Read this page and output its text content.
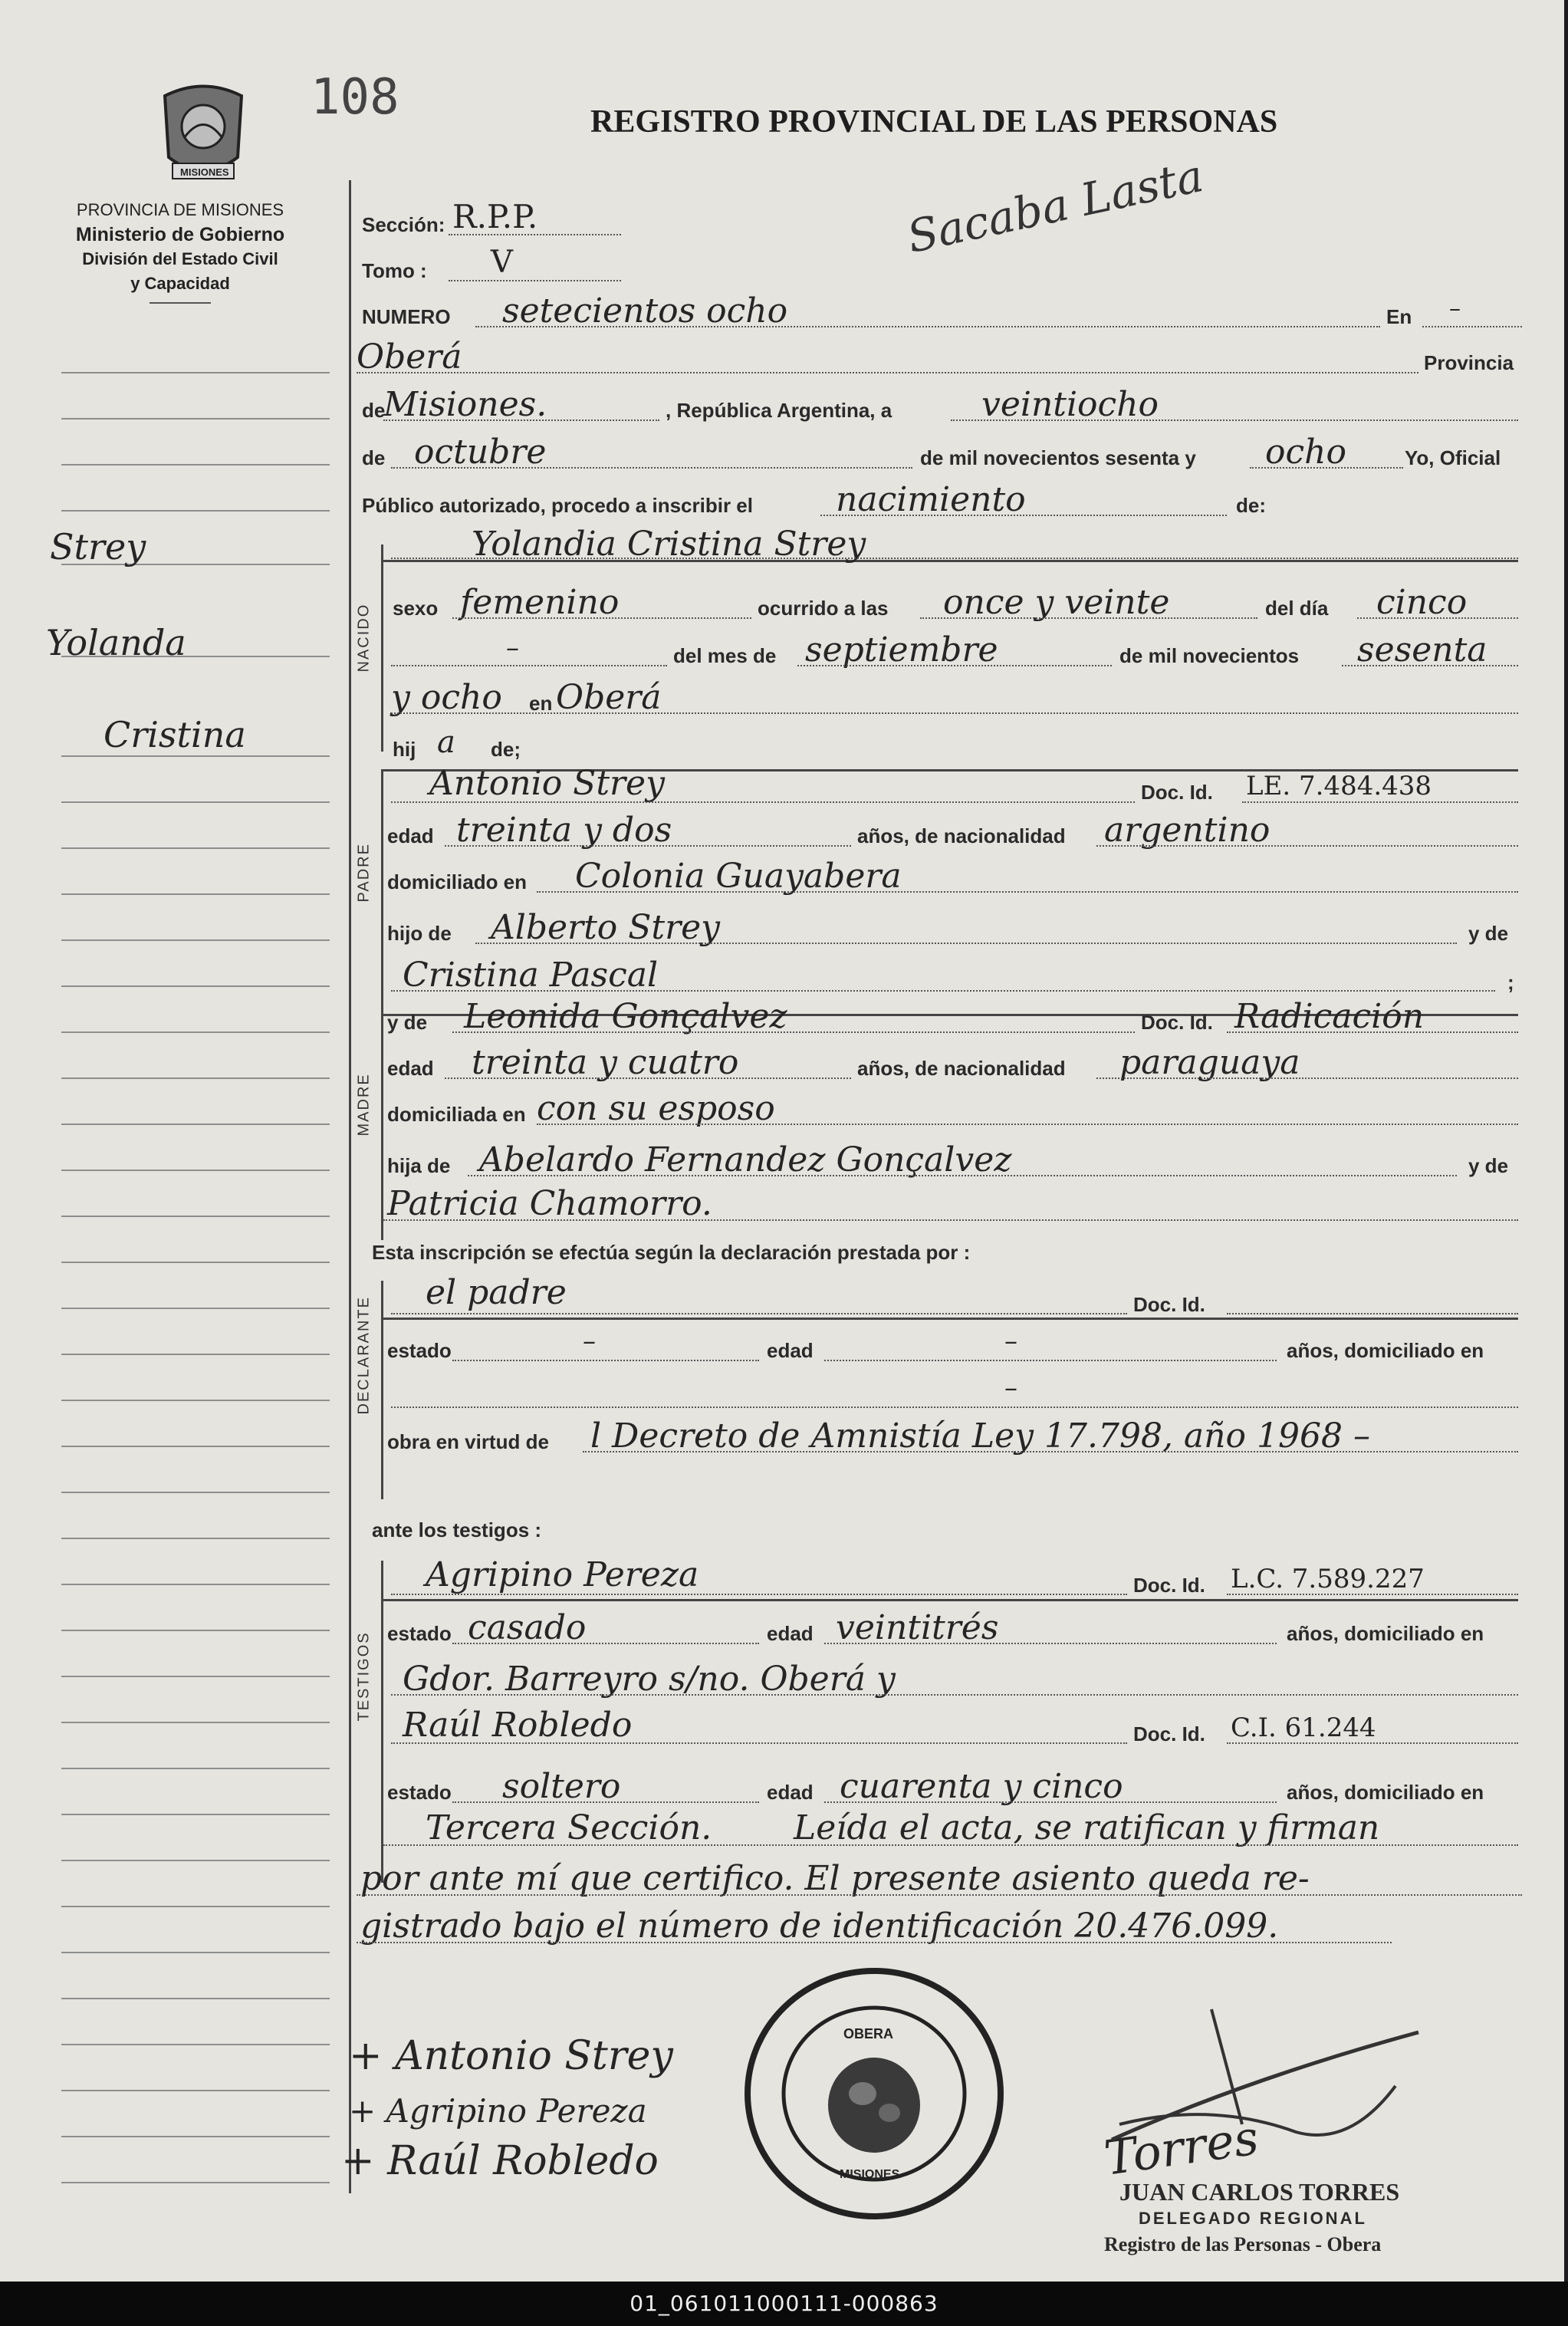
MISIONES
108	REGISTRO PROVINCIAL DE LAS PERSONAS
Sacaba Lasta
PROVINCIA DE MISIONES
Ministerio de Gobierno
División del Estado Civil
y Capacidad
Strey
Yolanda
Cristina
Sección: R.P.P.
Tomo : V
NUMERO setecientos ocho	En –
Oberá	Provincia
de
Misiones.	, República Argentina, a	veintiocho
de octubre	de mil novecientos sesenta y ocho	Yo, Oficial
Público autorizado, procedo a inscribir el nacimiento	de:
NACIDO
Yolandia Cristina Strey
sexo femenino	ocurrido a las once y veinte	del día cinco
–	del mes de septiembre	de mil novecientos sesenta
y ocho en Oberá
hij a de;
PADRE
Antonio Strey	Doc. Id. LE. 7.484.438
edad treinta y dos	años, de nacionalidad argentino
domiciliado en Colonia Guayabera
hijo de Alberto Strey	y de
Cristina Pascal	;
MADRE
y de Leonida Gonçalvez	Doc. Id. Radicación
edad treinta y cuatro	años, de nacionalidad paraguaya
domiciliada en con su esposo
hija de Abelardo Fernandez Gonçalvez	y de
Patricia Chamorro.
Esta inscripción se efectúa según la declaración prestada por :
DECLARANTE
el padre	Doc. Id.
estado	–	edad	–	años, domiciliado en
–
obra en virtud de l Decreto de Amnistía Ley 17.798, año 1968 –
ante los testigos :
TESTIGOS
Agripino Pereza	Doc. Id. L.C. 7.589.227
estado casado	edad veintitrés	años, domiciliado en
Gdor. Barreyro s/no. Oberá y
Raúl Robledo	Doc. Id. C.I. 61.244
estado soltero	edad cuarenta y cinco	años, domiciliado en
Tercera Sección. Leída el acta, se ratifican y firman
por ante mí que certifico. El presente asiento queda re-
gistrado bajo el número de identificación 20.476.099.
+ Antonio Strey
+ Agripino Pereza
+ Raúl Robledo
OBERA
MISIONES	Torres
JUAN CARLOS TORRES
DELEGADO REGIONAL
Registro de las Personas - Obera
01_061011000111-000863
